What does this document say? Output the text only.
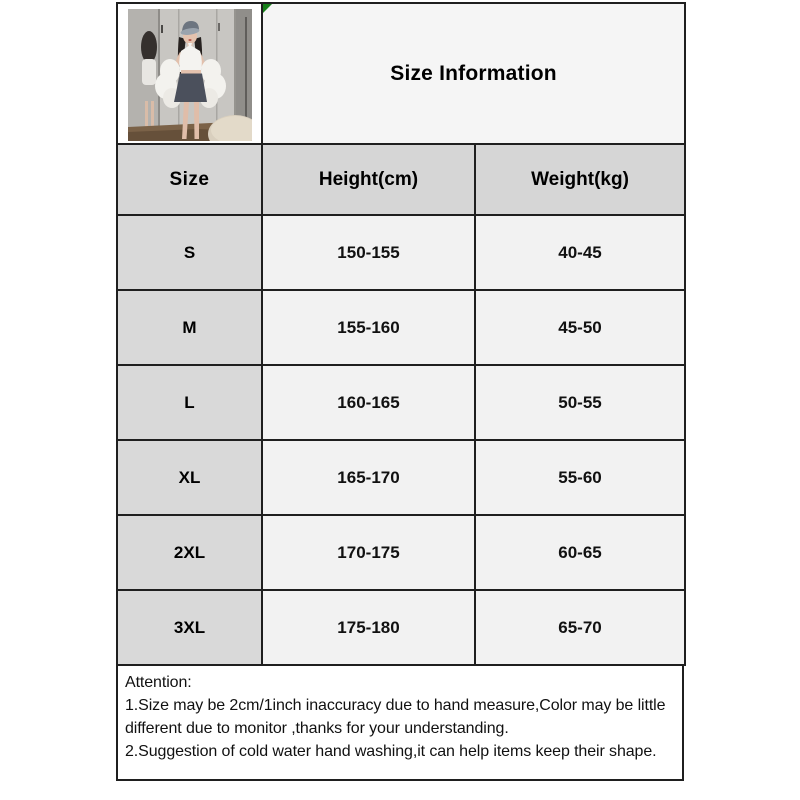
Size Information	
Size	Height(cm)	Weight(kg)
S	150-155	40-45
M	155-160	45-50
L	160-165	50-55
XL	165-170	55-60
2XL	170-175	60-65
3XL	175-180	65-70

Attention:

1.Size may be 2cm/1inch inaccuracy due to hand measure,Color may be little different due to monitor ,thanks for your understanding.

2.Suggestion of cold water hand washing,it can help items keep their shape.
